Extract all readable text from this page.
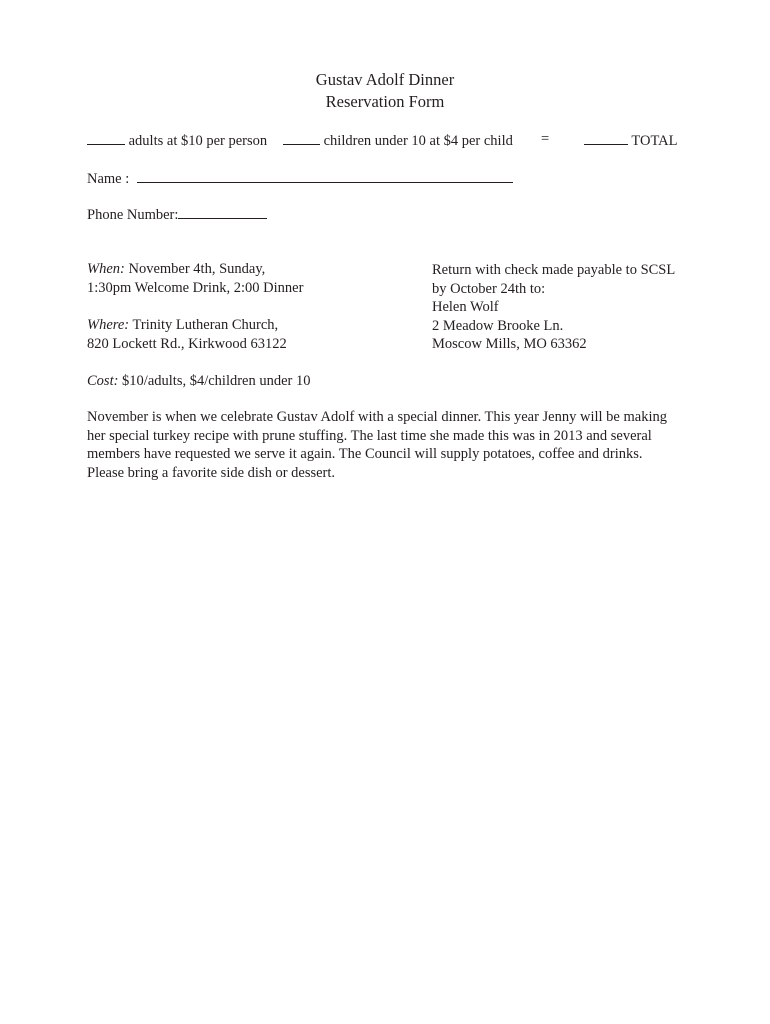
Gustav Adolf Dinner
Reservation Form
adults at $10 per person	children under 10 at $4 per child =	TOTAL
Name :
Phone Number:

When: November 4th, Sunday,

1:30pm Welcome Drink, 2:00 Dinner

Where: Trinity Lutheran Church,

820 Lockett Rd., Kirkwood 63122

Return with check made payable to SCSL

by October 24th to:

Helen Wolf

2 Meadow Brooke Ln.

Moscow Mills, MO 63362

Cost: $10/adults, $4/children under 10

November is when we celebrate Gustav Adolf with a special dinner. This year Jenny will be making her special turkey recipe with prune stuffing. The last time she made this was in 2013 and several members have requested we serve it again. The Council will supply potatoes, coffee and drinks. Please bring a favorite side dish or dessert.
